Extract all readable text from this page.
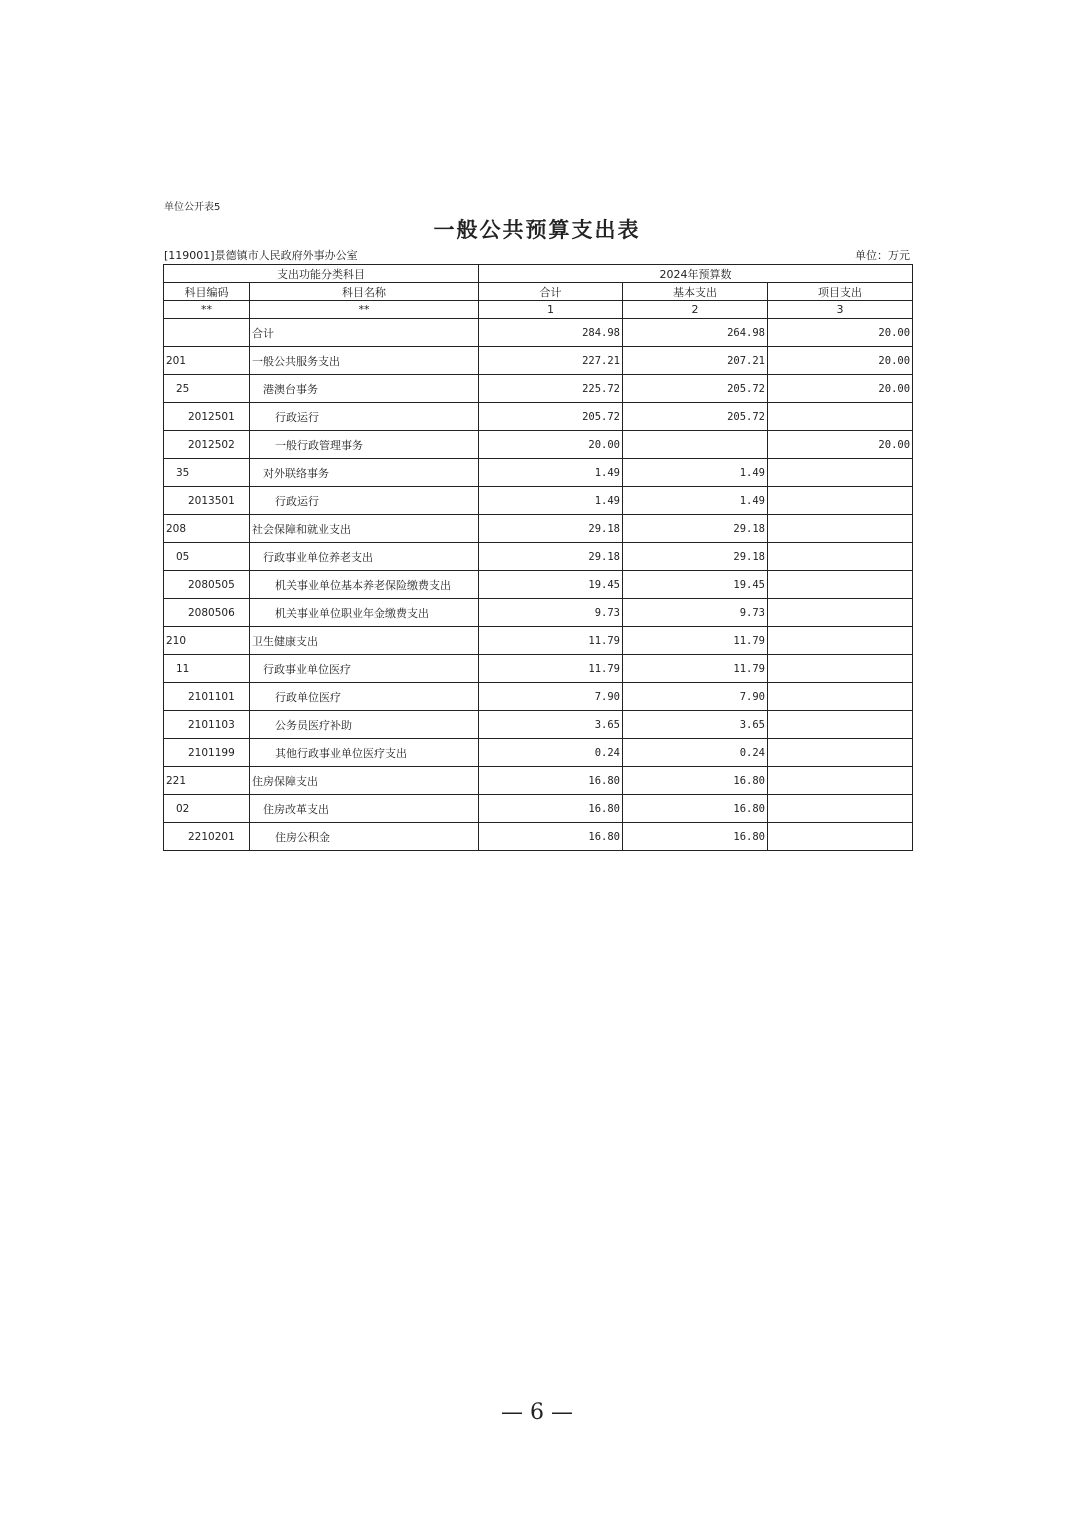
单位公开表5
一般公共预算支出表
[119001]景德镇市人民政府外事办公室	单位：万元
支出功能分类科目		2024年预算数		
科目编码	科目名称	合计	基本支出	项目支出
**	**	1	2	3
	合计	284.98	264.98	20.00
201	一般公共服务支出	227.21	207.21	20.00
25	港澳台事务	225.72	205.72	20.00
2012501	行政运行	205.72	205.72	
2012502	一般行政管理事务	20.00		20.00
35	对外联络事务	1.49	1.49	
2013501	行政运行	1.49	1.49	
208	社会保障和就业支出	29.18	29.18	
05	行政事业单位养老支出	29.18	29.18	
2080505	机关事业单位基本养老保险缴费支出	19.45	19.45	
2080506	机关事业单位职业年金缴费支出	9.73	9.73	
210	卫生健康支出	11.79	11.79	
11	行政事业单位医疗	11.79	11.79	
2101101	行政单位医疗	7.90	7.90	
2101103	公务员医疗补助	3.65	3.65	
2101199	其他行政事业单位医疗支出	0.24	0.24	
221	住房保障支出	16.80	16.80	
02	住房改革支出	16.80	16.80	
2210201	住房公积金	16.80	16.80	
— 6 —
